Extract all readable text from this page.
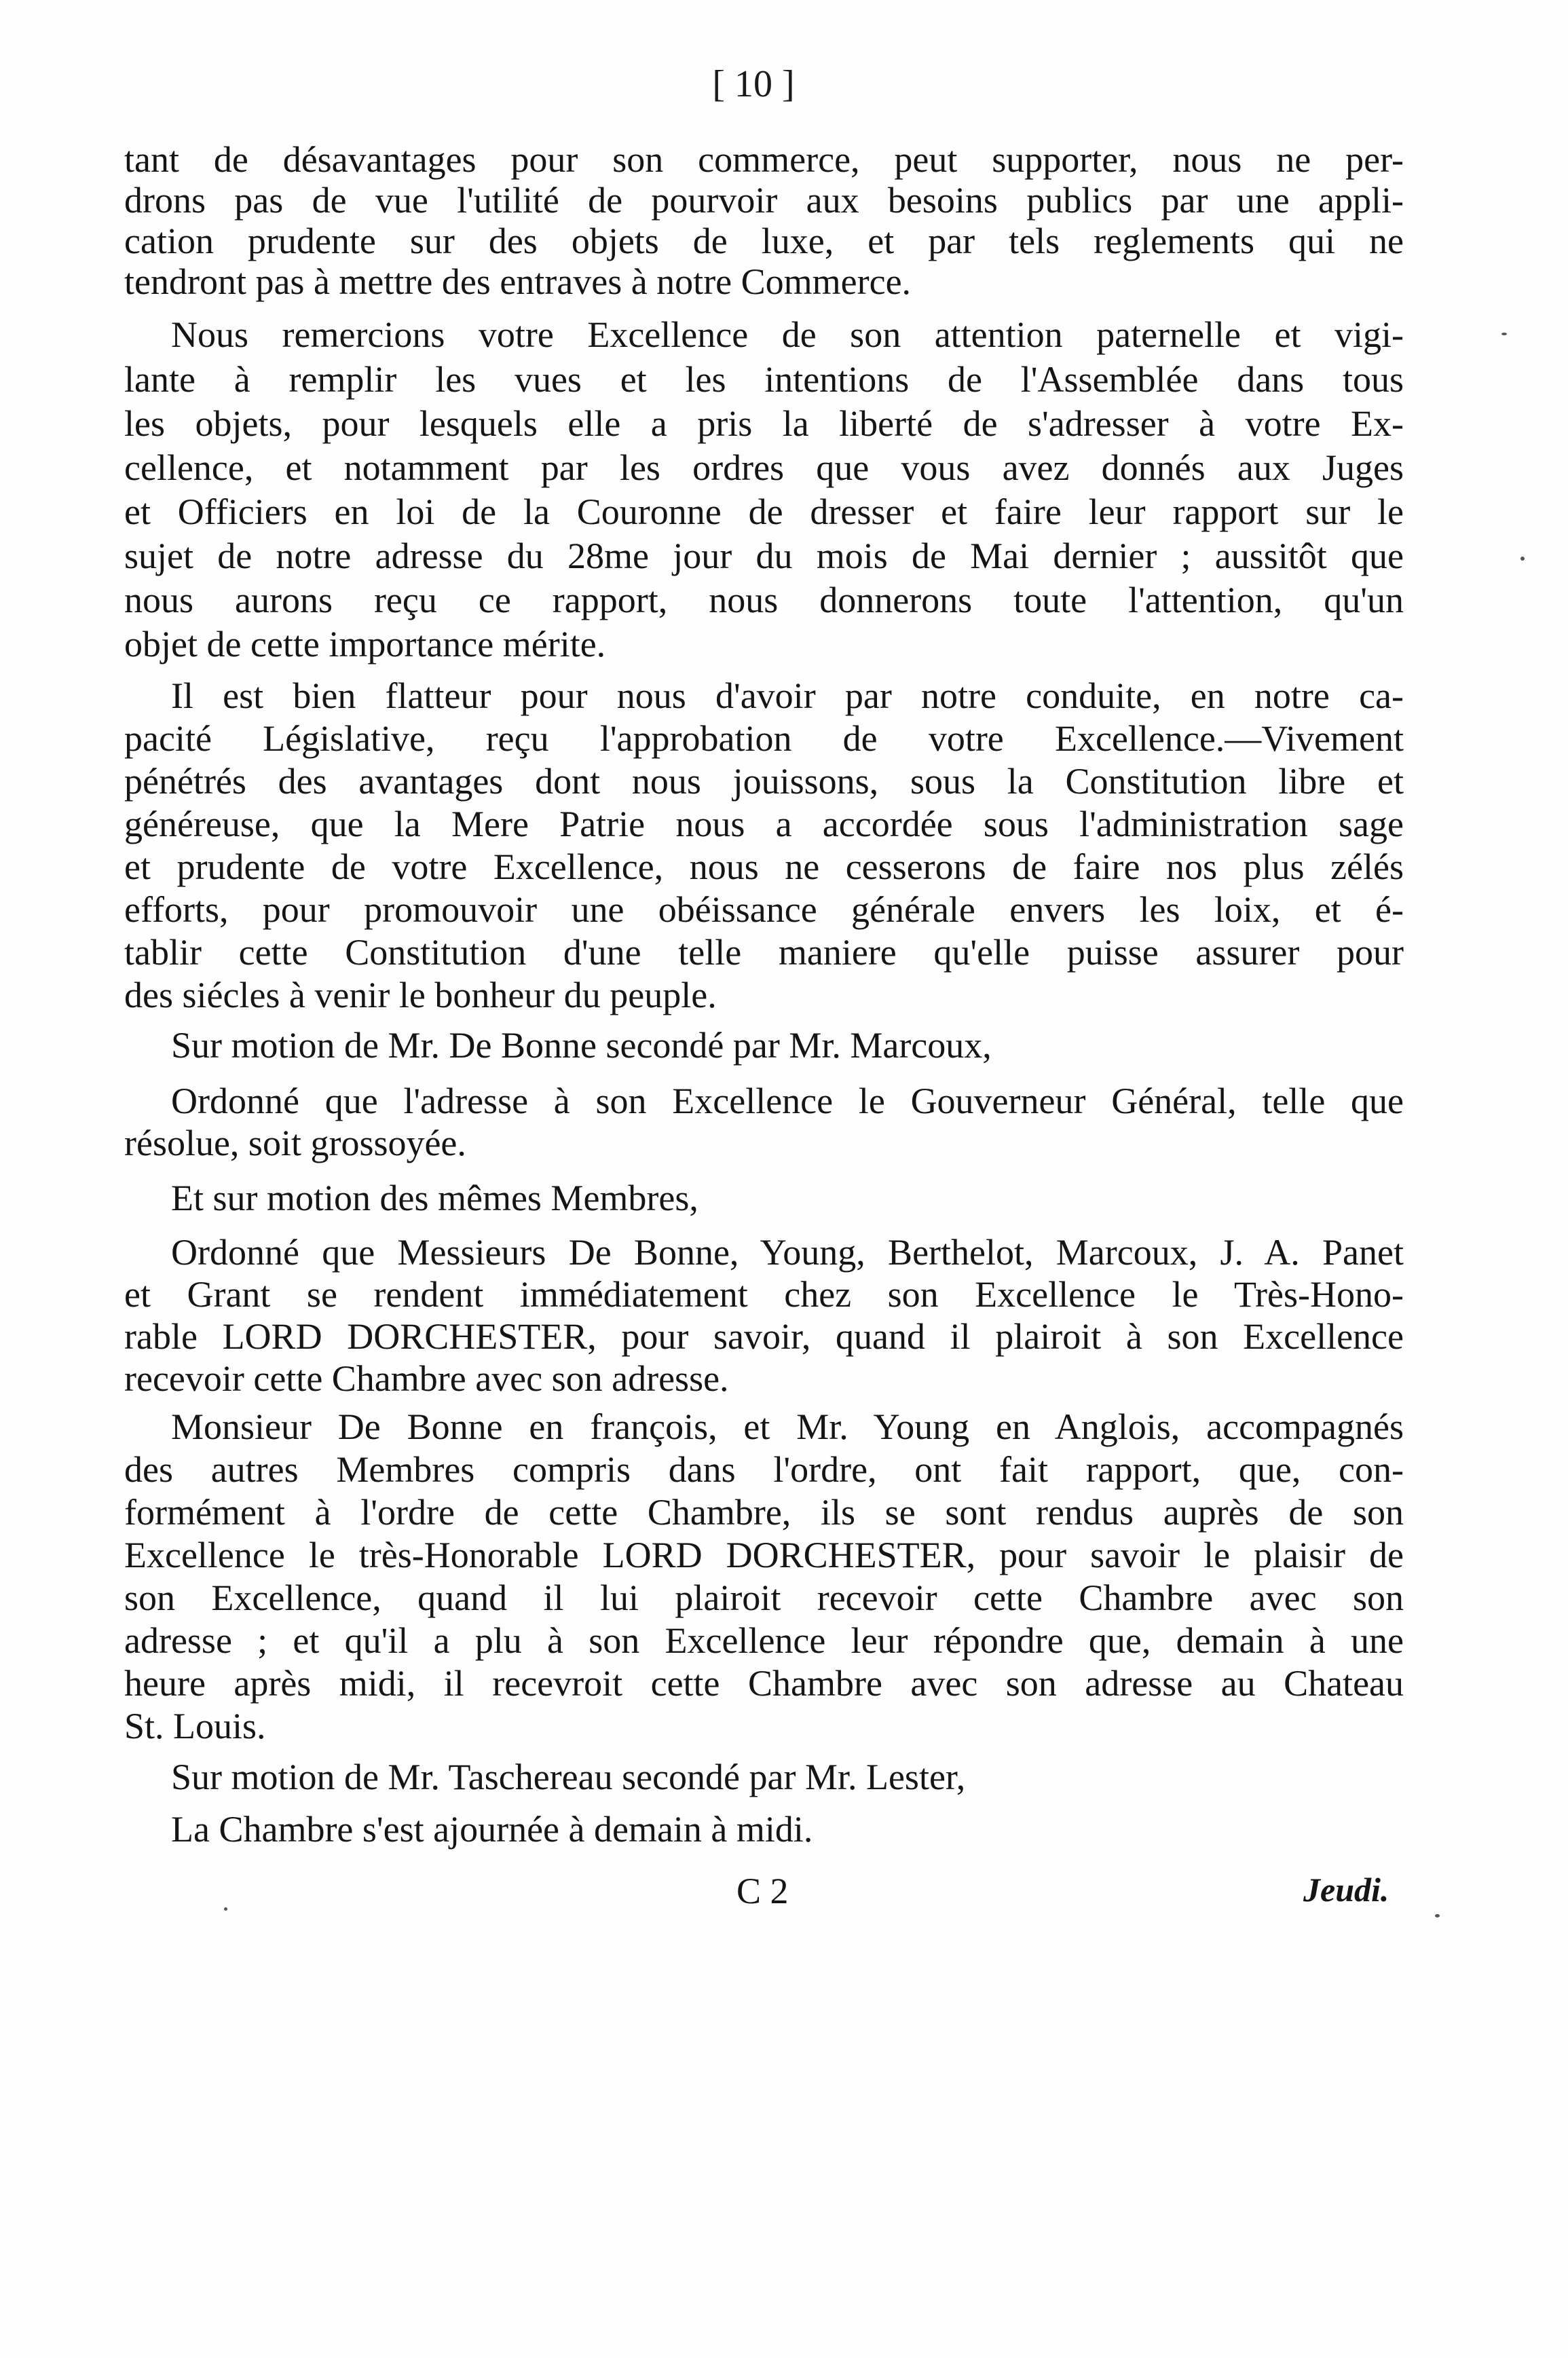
[ 10 ]
tant de désavantages pour son commerce, peut supporter, nous ne per-
drons pas de vue l'utilité de pourvoir aux besoins publics par une appli-
cation prudente sur des objets de luxe, et par tels reglements qui ne
tendront pas à mettre des entraves à notre Commerce.
Nous remercions votre Excellence de son attention paternelle et vigi-
lante à remplir les vues et les intentions de l'Assemblée dans tous
les objets, pour lesquels elle a pris la liberté de s'adresser à votre Ex-
cellence, et notamment par les ordres que vous avez donnés aux Juges
et Officiers en loi de la Couronne de dresser et faire leur rapport sur le
sujet de notre adresse du 28me jour du mois de Mai dernier ; aussitôt que
nous aurons reçu ce rapport, nous donnerons toute l'attention, qu'un
objet de cette importance mérite.
Il est bien flatteur pour nous d'avoir par notre conduite, en notre ca-
pacité Législative, reçu l'approbation de votre Excellence.—Vivement
pénétrés des avantages dont nous jouissons, sous la Constitution libre et
généreuse, que la Mere Patrie nous a accordée sous l'administration sage
et prudente de votre Excellence, nous ne cesserons de faire nos plus zélés
efforts, pour promouvoir une obéissance générale envers les loix, et é-
tablir cette Constitution d'une telle maniere qu'elle puisse assurer pour
des siécles à venir le bonheur du peuple.
Sur motion de Mr. De Bonne secondé par Mr. Marcoux,
Ordonné que l'adresse à son Excellence le Gouverneur Général, telle que
résolue, soit grossoyée.
Et sur motion des mêmes Membres,
Ordonné que Messieurs De Bonne, Young, Berthelot, Marcoux, J. A. Panet
et Grant se rendent immédiatement chez son Excellence le Très-Hono-
rable LORD DORCHESTER, pour savoir, quand il plairoit à son Excellence
recevoir cette Chambre avec son adresse.
Monsieur De Bonne en françois, et Mr. Young en Anglois, accompagnés
des autres Membres compris dans l'ordre, ont fait rapport, que, con-
formément à l'ordre de cette Chambre, ils se sont rendus auprès de son
Excellence le très-Honorable LORD DORCHESTER, pour savoir le plaisir de
son Excellence, quand il lui plairoit recevoir cette Chambre avec son
adresse ; et qu'il a plu à son Excellence leur répondre que, demain à une
heure après midi, il recevroit cette Chambre avec son adresse au Chateau
St. Louis.
Sur motion de Mr. Taschereau secondé par Mr. Lester,
La Chambre s'est ajournée à demain à midi.
C 2	Jeudi.
